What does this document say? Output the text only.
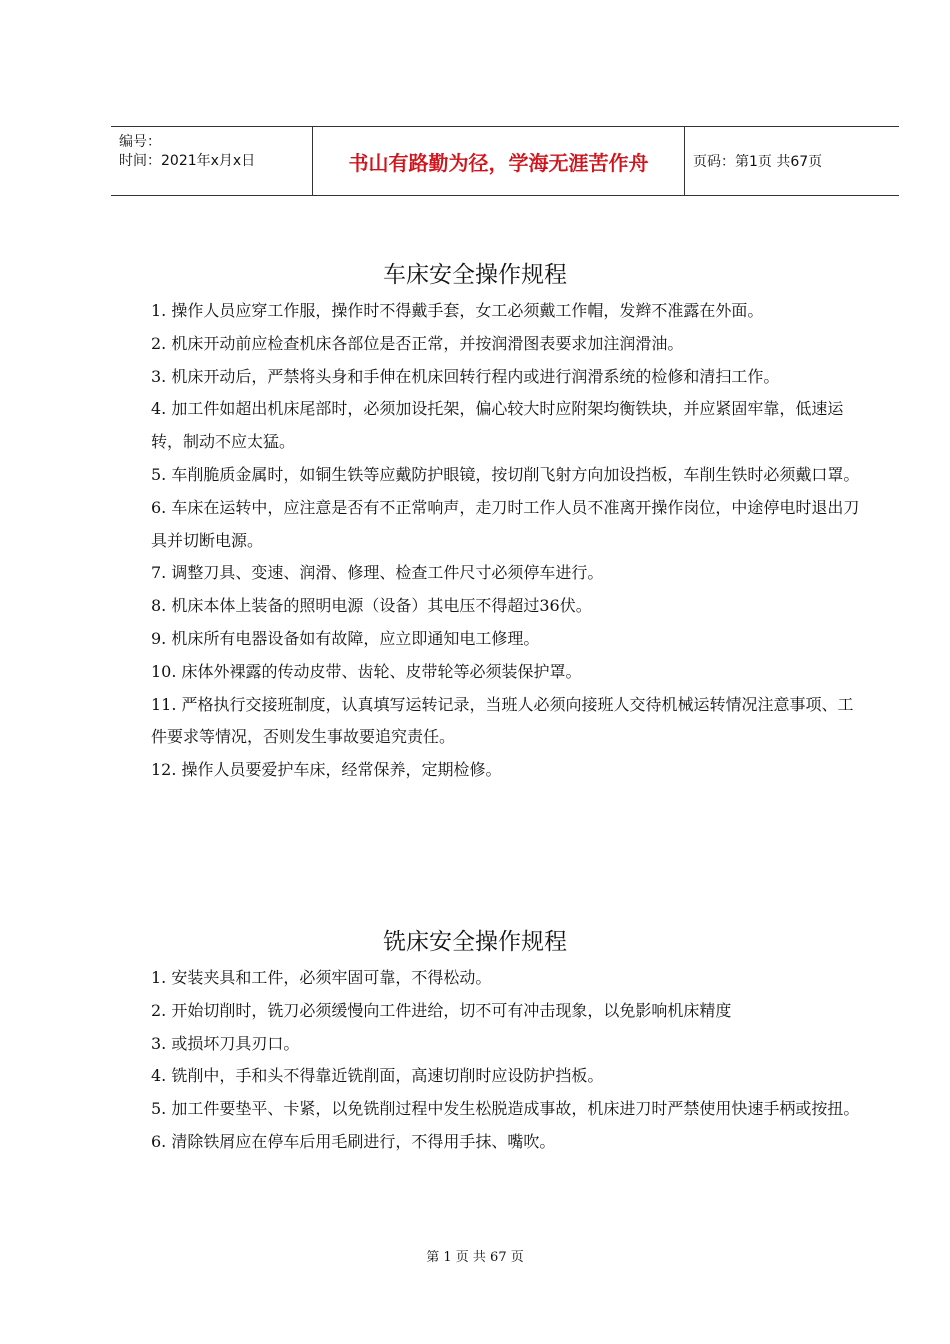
编号：
时间：2021年x月x日	书山有路勤为径，学海无涯苦作舟	页码：第1页 共67页
车床安全操作规程

1. 操作人员应穿工作服，操作时不得戴手套，女工必须戴工作帽，发辫不准露在外面。

2. 机床开动前应检查机床各部位是否正常，并按润滑图表要求加注润滑油。

3. 机床开动后，严禁将头身和手伸在机床回转行程内或进行润滑系统的检修和清扫工作。

4. 加工件如超出机床尾部时，必须加设托架，偏心较大时应附架均衡铁块，并应紧固牢靠，低速运转，制动不应太猛。

5. 车削脆质金属时，如铜生铁等应戴防护眼镜，按切削飞射方向加设挡板，车削生铁时必须戴口罩。

6. 车床在运转中，应注意是否有不正常响声，走刀时工作人员不准离开操作岗位，中途停电时退出刀具并切断电源。

7. 调整刀具、变速、润滑、修理、检查工件尺寸必须停车进行。

8. 机床本体上装备的照明电源（设备）其电压不得超过36伏。

9. 机床所有电器设备如有故障，应立即通知电工修理。

10. 床体外裸露的传动皮带、齿轮、皮带轮等必须装保护罩。

11. 严格执行交接班制度，认真填写运转记录，当班人必须向接班人交待机械运转情况注意事项、工件要求等情况，否则发生事故要追究责任。

12. 操作人员要爱护车床，经常保养，定期检修。

铣床安全操作规程

1. 安装夹具和工件，必须牢固可靠，不得松动。

2. 开始切削时，铣刀必须缓慢向工件进给，切不可有冲击现象，以免影响机床精度

3. 或损坏刀具刃口。

4. 铣削中，手和头不得靠近铣削面，高速切削时应设防护挡板。

5. 加工件要垫平、卡紧，以免铣削过程中发生松脱造成事故，机床进刀时严禁使用快速手柄或按扭。

6. 清除铁屑应在停车后用毛刷进行，不得用手抹、嘴吹。

第 1 页 共 67 页
